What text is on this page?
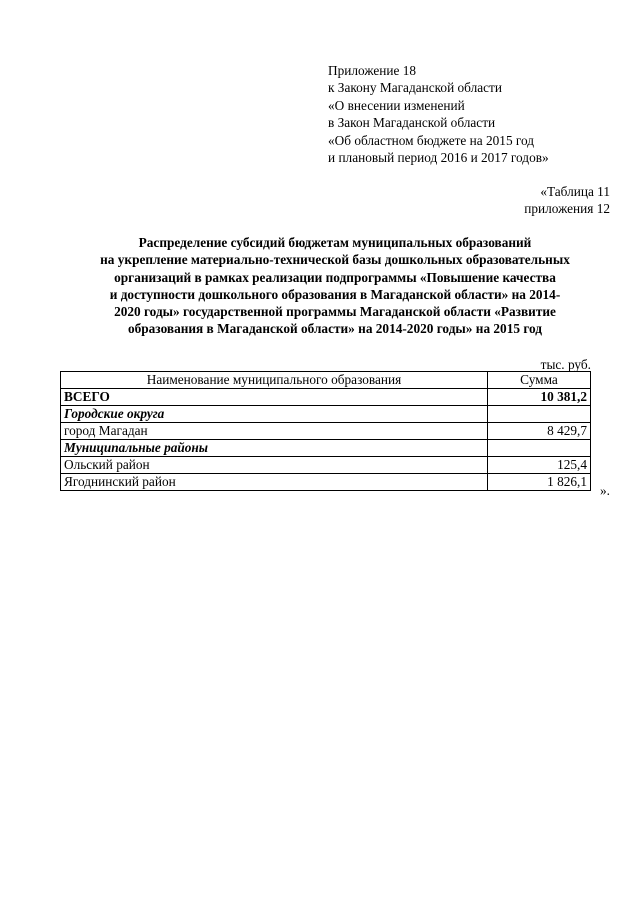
Приложение 18
к Закону Магаданской области
«О внесении изменений
в Закон Магаданской области
«Об областном бюджете на 2015 год
и плановый период 2016 и 2017 годов»
«Таблица 11
приложения 12
Распределение субсидий бюджетам муниципальных образований
на укрепление материально-технической базы дошкольных образовательных
организаций в рамках реализации подпрограммы «Повышение качества
и доступности дошкольного образования в Магаданской области» на 2014-
2020 годы» государственной программы Магаданской области «Развитие
образования в Магаданской области» на 2014-2020 годы» на 2015 год
тыс. руб.
Наименование муниципального образования	Сумма
ВСЕГО	10 381,2
Городские округа	
город Магадан	8 429,7
Муниципальные районы	
Ольский район	125,4
Ягоднинский район	1 826,1
».
